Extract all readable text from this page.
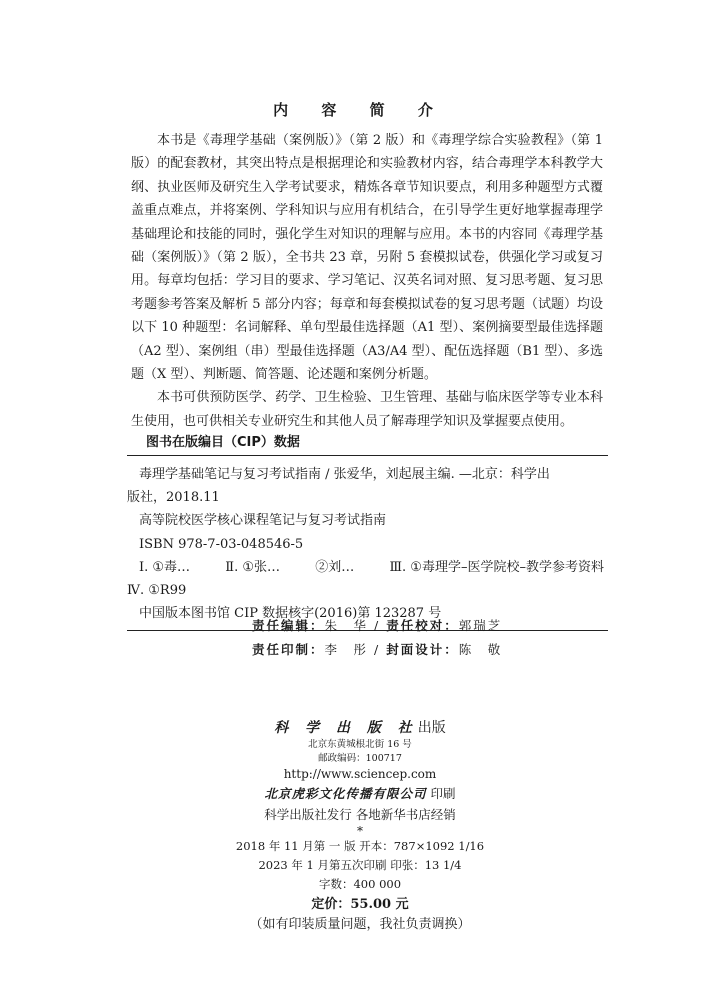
内 容 简 介

本书是《毒理学基础（案例版）》（第 2 版）和《毒理学综合实验教程》（第 1 版）的配套教材，其突出特点是根据理论和实验教材内容，结合毒理学本科教学大纲、执业医师及研究生入学考试要求，精炼各章节知识要点，利用多种题型方式覆盖重点难点，并将案例、学科知识与应用有机结合，在引导学生更好地掌握毒理学基础理论和技能的同时，强化学生对知识的理解与应用。本书的内容同《毒理学基础（案例版）》（第 2 版），全书共 23 章，另附 5 套模拟试卷，供强化学习或复习用。每章均包括：学习目的要求、学习笔记、汉英名词对照、复习思考题、复习思考题参考答案及解析 5 部分内容；每章和每套模拟试卷的复习思考题（试题）均设以下 10 种题型：名词解释、单句型最佳选择题（A1 型）、案例摘要型最佳选择题（A2 型）、案例组（串）型最佳选择题（A3/A4 型）、配伍选择题（B1 型）、多选题（X 型）、判断题、简答题、论述题和案例分析题。

本书可供预防医学、药学、卫生检验、卫生管理、基础与临床医学等专业本科生使用，也可供相关专业研究生和其他人员了解毒理学知识及掌握要点使用。

图书在版编目（CIP）数据
毒理学基础笔记与复习考试指南 / 张爱华，刘起展主编. —北京：科学出
版社，2018.11
高等院校医学核心课程笔记与复习考试指南
ISBN 978-7-03-048546-5
Ⅰ. ①毒…	Ⅱ. ①张…	②刘…	Ⅲ. ①毒理学–医学院校–教学参考资料
Ⅳ. ①R99
中国版本图书馆 CIP 数据核字(2016)第 123287 号
责任编辑：朱　华 / 责任校对：郭瑞芝
责任印制：李　彤 / 封面设计：陈　敬
科 学 出 版 社出版
北京东黄城根北街 16 号
邮政编码：100717
http://www.sciencep.com
北京虎彩文化传播有限公司 印刷
科学出版社发行 各地新华书店经销
*
2018 年 11 月第 一 版 开本：787×1092 1/16
2023 年 1 月第五次印刷 印张：13 1/4
字数：400 000
定价：55.00 元
（如有印装质量问题，我社负责调换）
